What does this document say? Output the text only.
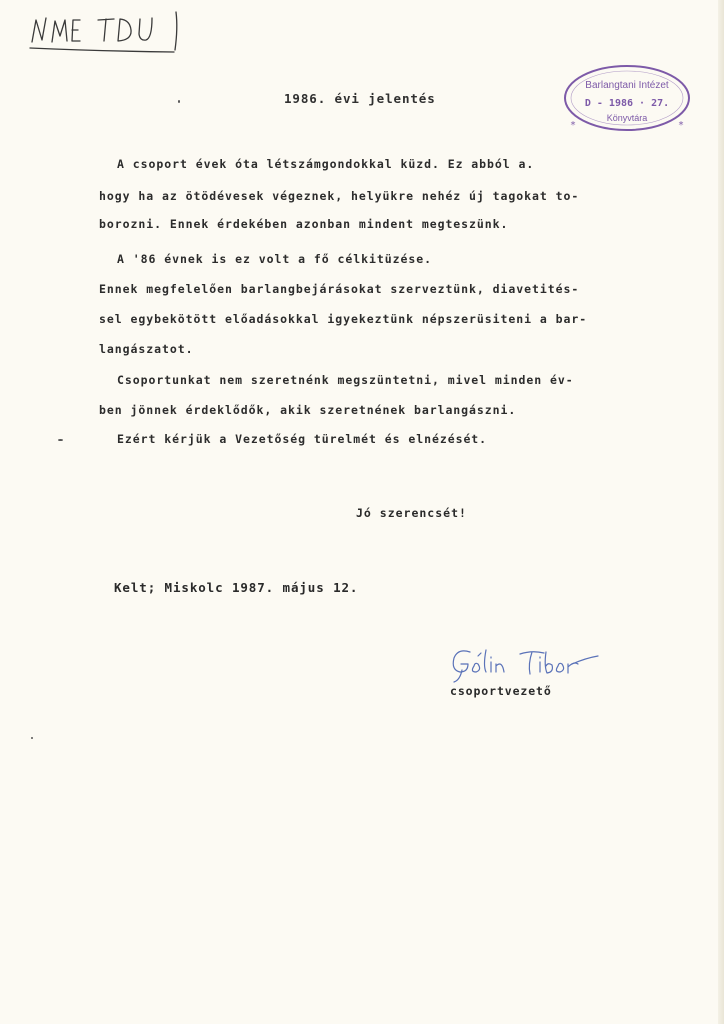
Barlangtani Intézet
D - 1986 · 27.
Könyvtára
*	*
1986. évi jelentés
A csoport évek óta létszámgondokkal küzd. Ez abból a.
hogy ha az ötödévesek végeznek, helyükre nehéz új tagokat to-
borozni. Ennek érdekében azonban mindent megteszünk.
A '86 évnek is ez volt a fő célkitüzése.
Ennek megfelelően barlangbejárásokat szerveztünk, diavetités-
sel egybekötött előadásokkal igyekeztünk népszerüsiteni a bar-
langászatot.
Csoportunkat nem szeretnénk megszüntetni, mivel minden év-
ben jönnek érdeklődők, akik szeretnének barlangászni.
Ezért kérjük a Vezetőség türelmét és elnézését.
Jó szerencsét!
Kelt; Miskolc 1987. május 12.
csoportvezető
